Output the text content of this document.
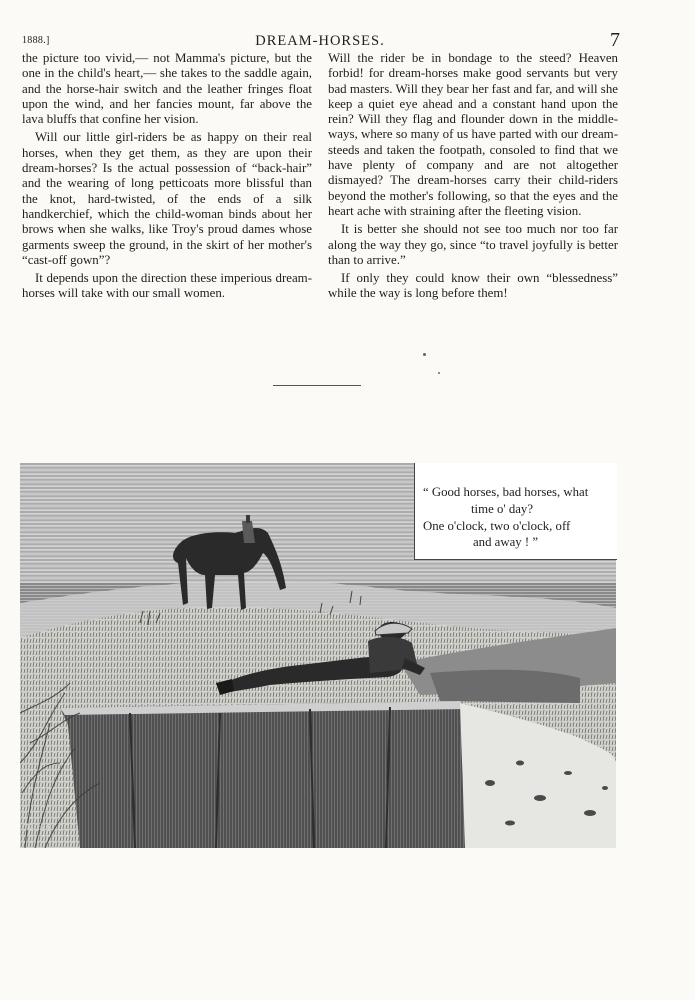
1888.]	DREAM-HORSES.	7

the picture too vivid,— not Mamma's picture, but the one in the child's heart,— she takes to the saddle again, and the horse-hair switch and the leather fringes float upon the wind, and her fancies mount, far above the lava bluffs that confine her vision.

Will our little girl-riders be as happy on their real horses, when they get them, as they are upon their dream-horses? Is the actual possession of “back-hair” and the wearing of long petticoats more blissful than the knot, hard-twisted, of the ends of a silk handkerchief, which the child-woman binds about her brows when she walks, like Troy's proud dames whose garments sweep the ground, in the skirt of her mother's “cast-off gown”?

It depends upon the direction these imperious dream-horses will take with our small women.

Will the rider be in bondage to the steed? Heaven forbid! for dream-horses make good servants but very bad masters. Will they bear her fast and far, and will she keep a quiet eye ahead and a constant hand upon the rein? Will they flag and flounder down in the middle-ways, where so many of us have parted with our dream-steeds and taken the footpath, consoled to find that we have plenty of company and are not altogether dismayed? The dream-horses carry their child-riders beyond the mother's following, so that the eyes and the heart ache with straining after the fleeting vision.

It is better she should not see too much nor too far along the way they go, since “to travel joyfully is better than to arrive.”

If only they could know their own “blessedness” while the way is long before them!

“ Good horses, bad horses, what
time o' day?
One o'clock, two o'clock, off
and away ! ”
M.H.F.
